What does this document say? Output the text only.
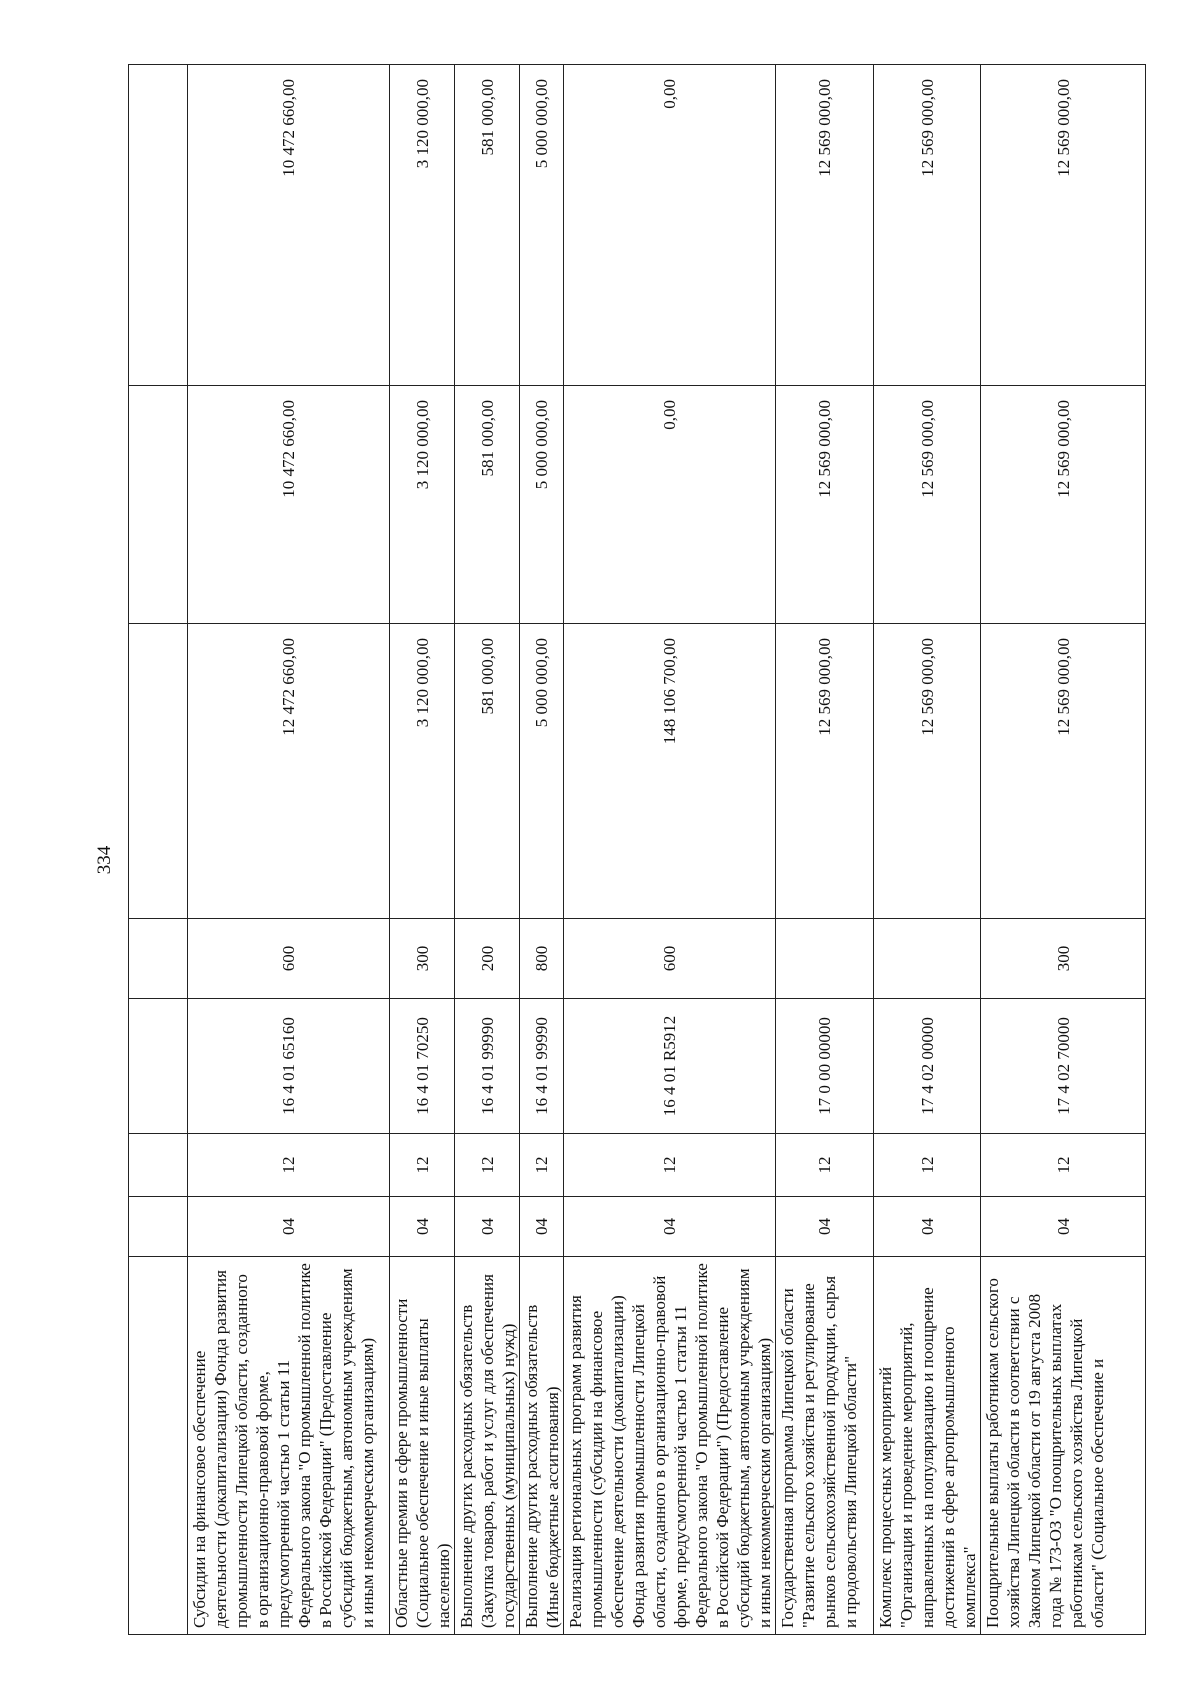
334

Субсидии на финансовое обеспечение деятельности (докапитализации) Фонда развития промышленности Липецкой области, созданного в организационно-правовой форме, предусмотренной частью 1 статьи 11 Федерального закона "О промышленной политике в Российской Федерации" (Предоставление субсидий бюджетным, автономным учреждениям и иным некоммерческим организациям)	04	12	16 4 01 65160	600	12 472 660,00	10 472 660,00	10 472 660,00
Областные премии в сфере промышленности (Социальное обеспечение и иные выплаты населению)	04	12	16 4 01 70250	300	3 120 000,00	3 120 000,00	3 120 000,00
Выполнение других расходных обязательств (Закупка товаров, работ и услуг для обеспечения государственных (муниципальных) нужд)	04	12	16 4 01 99990	200	581 000,00	581 000,00	581 000,00
Выполнение других расходных обязательств (Иные бюджетные ассигнования)	04	12	16 4 01 99990	800	5 000 000,00	5 000 000,00	5 000 000,00
Реализация региональных программ развития промышленности (субсидии на финансовое обеспечение деятельности (докапитализации) Фонда развития промышленности Липецкой области, созданного в организационно-правовой форме, предусмотренной частью 1 статьи 11 Федерального закона "О промышленной политике в Российской Федерации") (Предоставление субсидий бюджетным, автономным учреждениям и иным некоммерческим организациям)	04	12	16 4 01 R5912	600	148 106 700,00	0,00	0,00
Государственная программа Липецкой области "Развитие сельского хозяйства и регулирование рынков сельскохозяйственной продукции, сырья и продовольствия Липецкой области"	04	12	17 0 00 00000		12 569 000,00	12 569 000,00	12 569 000,00
Комплекс процессных мероприятий "Организация и проведение мероприятий, направленных на популяризацию и поощрение достижений в сфере агропромышленного комплекса"	04	12	17 4 02 00000		12 569 000,00	12 569 000,00	12 569 000,00
Поощрительные выплаты работникам сельского хозяйства Липецкой области в соответствии с Законом Липецкой области от 19 августа 2008 года № 173-ОЗ "О поощрительных выплатах работникам сельского хозяйства Липецкой области" (Социальное обеспечение и	04	12	17 4 02 70000	300	12 569 000,00	12 569 000,00	12 569 000,00
